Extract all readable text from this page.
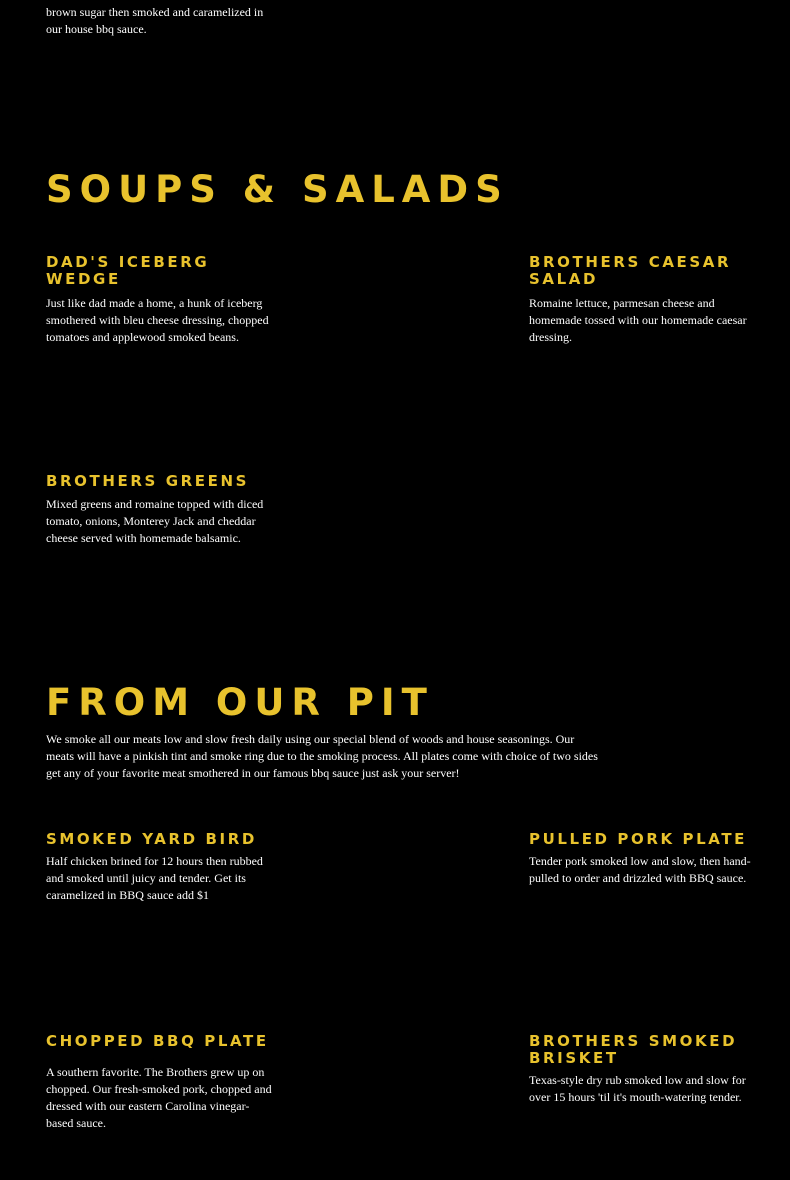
brown sugar then smoked and caramelized in our house bbq sauce.

SOUPS & SALADS
DAD'S ICEBERG WEDGE

Just like dad made a home, a hunk of iceberg smothered with bleu cheese dressing, chopped tomatoes and applewood smoked beans.

BROTHERS CAESAR SALAD

Romaine lettuce, parmesan cheese and homemade tossed with our homemade caesar dressing.

BROTHERS GREENS

Mixed greens and romaine topped with diced tomato, onions, Monterey Jack and cheddar cheese served with homemade balsamic.

FROM OUR PIT

We smoke all our meats low and slow fresh daily using our special blend of woods and house seasonings. Our meats will have a pinkish tint and smoke ring due to the smoking process. All plates come with choice of two sides get any of your favorite meat smothered in our famous bbq sauce just ask your server!

SMOKED YARD BIRD

Half chicken brined for 12 hours then rubbed and smoked until juicy and tender. Get its caramelized in BBQ sauce add $1

PULLED PORK PLATE

Tender pork smoked low and slow, then hand-pulled to order and drizzled with BBQ sauce.

CHOPPED BBQ PLATE

A southern favorite. The Brothers grew up on chopped. Our fresh-smoked pork, chopped and dressed with our eastern Carolina vinegar-based sauce.

BROTHERS SMOKED BRISKET

Texas-style dry rub smoked low and slow for over 15 hours 'til it's mouth-watering tender.
